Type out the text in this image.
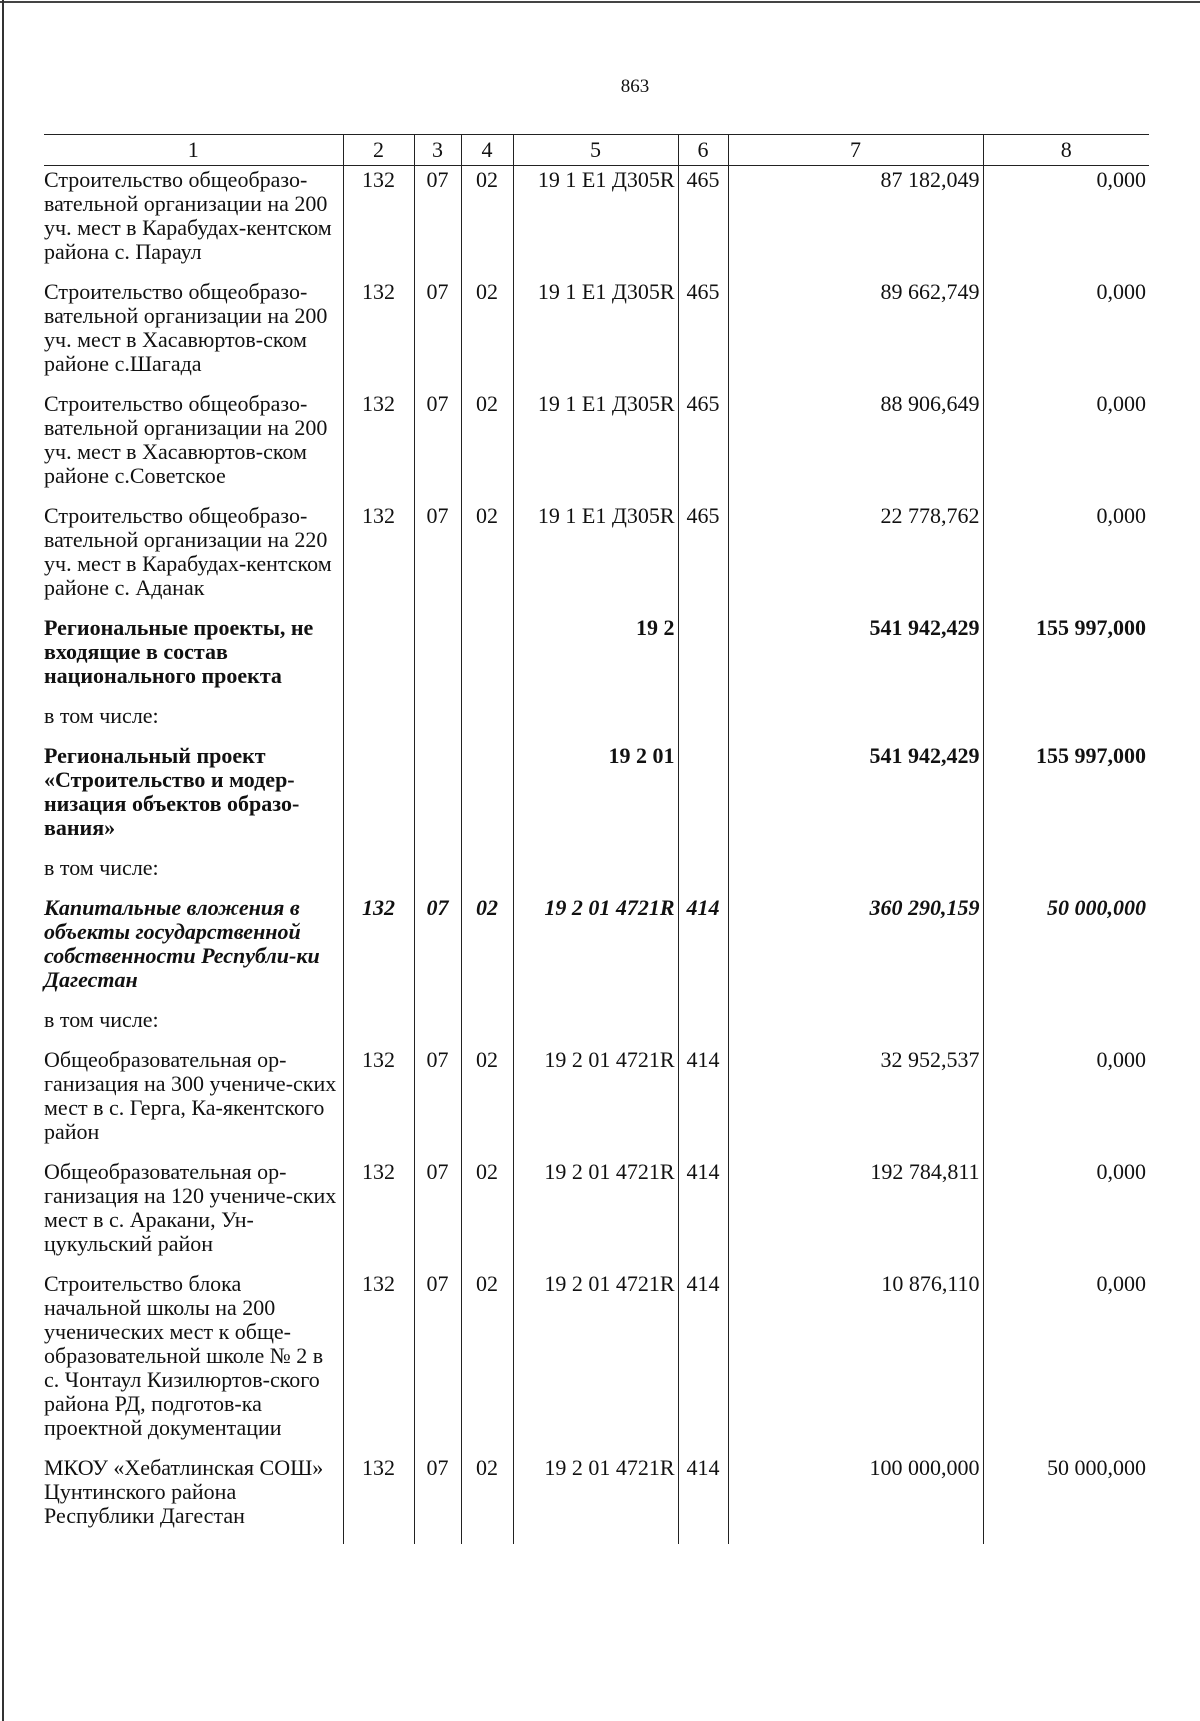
863
1	2	3	4	5	6	7	8
Строительство общеобразо-вательной организации на 200 уч. мест в Карабудах-кентском района с. Параул	132	07	02	19 1 E1 Д305R	465	87 182,049	0,000
Строительство общеобразо-вательной организации на 200 уч. мест в Хасавюртов-ском районе с.Шагада	132	07	02	19 1 E1 Д305R	465	89 662,749	0,000
Строительство общеобразо-вательной организации на 200 уч. мест в Хасавюртов-ском районе с.Советское	132	07	02	19 1 E1 Д305R	465	88 906,649	0,000
Строительство общеобразо-вательной организации на 220 уч. мест в Карабудах-кентском районе с. Аданак	132	07	02	19 1 E1 Д305R	465	22 778,762	0,000
Региональные проекты, не входящие в состав национального проекта				19 2		541 942,429	155 997,000
в том числе:							
Региональный проект «Строительство и модер-низация объектов образо-вания»				19 2 01		541 942,429	155 997,000
в том числе:							
Капитальные вложения в объекты государственной собственности Республи-ки Дагестан	132	07	02	19 2 01 4721R	414	360 290,159	50 000,000
в том числе:							
Общеобразовательная ор-ганизация на 300 учениче-ских мест в с. Герга, Ка-якентского район	132	07	02	19 2 01 4721R	414	32 952,537	0,000
Общеобразовательная ор-ганизация на 120 учениче-ских мест в с. Аракани, Ун-цукульский район	132	07	02	19 2 01 4721R	414	192 784,811	0,000
Строительство блока начальной школы на 200 ученических мест к обще-образовательной школе № 2 в с. Чонтаул Кизилюртов-ского района РД, подготов-ка проектной документации	132	07	02	19 2 01 4721R	414	10 876,110	0,000
МКОУ «Хебатлинская СОШ» Цунтинского района Республики Дагестан	132	07	02	19 2 01 4721R	414	100 000,000	50 000,000
